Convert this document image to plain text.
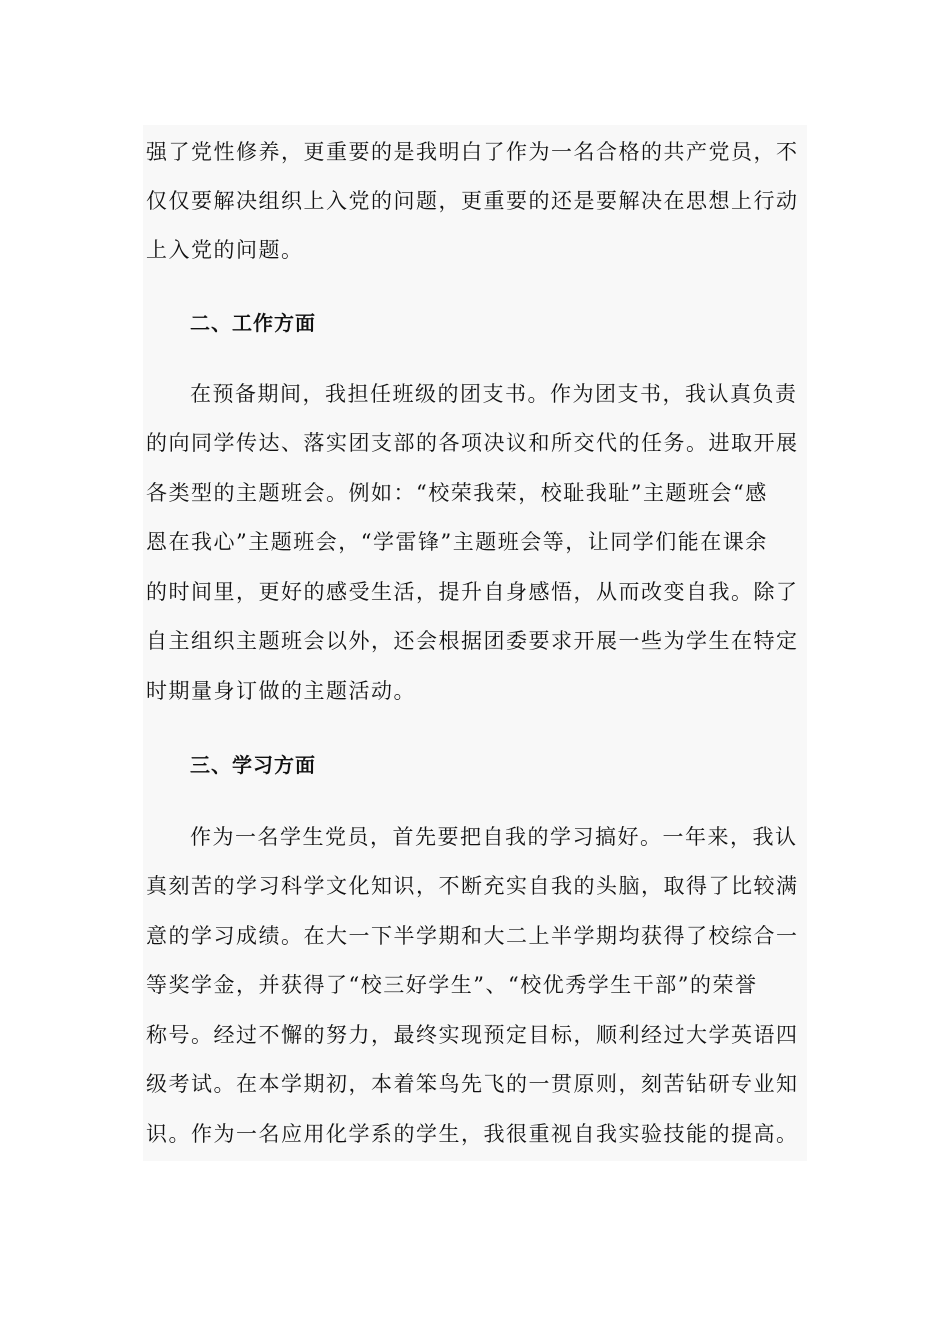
强了党性修养，更重要的是我明白了作为一名合格的共产党员，不
仅仅要解决组织上入党的问题，更重要的还是要解决在思想上行动
上入党的问题。
二、工作方面
在预备期间，我担任班级的团支书。作为团支书，我认真负责
的向同学传达、落实团支部的各项决议和所交代的任务。进取开展
各类型的主题班会。例如：“校荣我荣，校耻我耻”主题班会“感
恩在我心”主题班会，“学雷锋”主题班会等，让同学们能在课余
的时间里，更好的感受生活，提升自身感悟，从而改变自我。除了
自主组织主题班会以外，还会根据团委要求开展一些为学生在特定
时期量身订做的主题活动。
三、学习方面
作为一名学生党员，首先要把自我的学习搞好。一年来，我认
真刻苦的学习科学文化知识，不断充实自我的头脑，取得了比较满
意的学习成绩。在大一下半学期和大二上半学期均获得了校综合一
等奖学金，并获得了“校三好学生”、“校优秀学生干部”的荣誉
称号。经过不懈的努力，最终实现预定目标，顺利经过大学英语四
级考试。在本学期初，本着笨鸟先飞的一贯原则，刻苦钻研专业知
识。作为一名应用化学系的学生，我很重视自我实验技能的提高。
